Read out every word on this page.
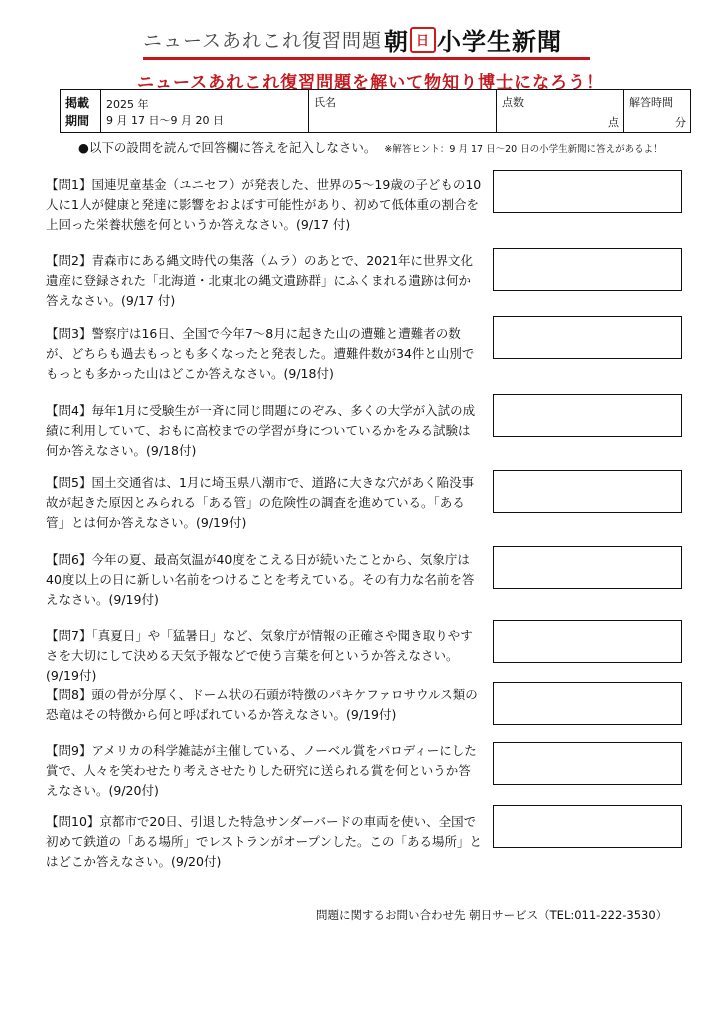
ニュースあれこれ復習問題 朝 日 小学生新聞
ニュースあれこれ復習問題を解いて物知り博士になろう！
掲載
期間
2025 年
9 月 17 日～9 月 20 日
氏名	点数
点
解答時間
分
●以下の設問を読んで回答欄に答えを記入しなさい。 ※解答ヒント：9 月 17 日～20 日の小学生新聞に答えがあるよ！
【問1】国連児童基金（ユニセフ）が発表した、世界の5～19歳の子どもの10人に1人が健康と発達に影響をおよぼす可能性があり、初めて低体重の割合を上回った栄養状態を何というか答えなさい。(9/17 付)
【問2】青森市にある縄文時代の集落（ムラ）のあとで、2021年に世界文化遺産に登録された「北海道・北東北の縄文遺跡群」にふくまれる遺跡は何か答えなさい。(9/17 付)
【問3】警察庁は16日、全国で今年7～8月に起きた山の遭難と遭難者の数が、どちらも過去もっとも多くなったと発表した。遭難件数が34件と山別でもっとも多かった山はどこか答えなさい。(9/18付)
【問4】毎年1月に受験生が一斉に同じ問題にのぞみ、多くの大学が入試の成績に利用していて、おもに高校までの学習が身についているかをみる試験は何か答えなさい。(9/18付)
【問5】国土交通省は、1月に埼玉県八潮市で、道路に大きな穴があく陥没事故が起きた原因とみられる「ある管」の危険性の調査を進めている。「ある管」とは何か答えなさい。(9/19付)
【問6】今年の夏、最高気温が40度をこえる日が続いたことから、気象庁は40度以上の日に新しい名前をつけることを考えている。その有力な名前を答えなさい。(9/19付)
【問7】「真夏日」や「猛暑日」など、気象庁が情報の正確さや聞き取りやすさを大切にして決める天気予報などで使う言葉を何というか答えなさい。(9/19付)
【問8】頭の骨が分厚く、ドーム状の石頭が特徴のパキケファロサウルス類の恐竜はその特徴から何と呼ばれているか答えなさい。(9/19付)
【問9】アメリカの科学雑誌が主催している、ノーベル賞をパロディーにした賞で、人々を笑わせたり考えさせたりした研究に送られる賞を何というか答えなさい。(9/20付)
【問10】京都市で20日、引退した特急サンダーバードの車両を使い、全国で初めて鉄道の「ある場所」でレストランがオープンした。この「ある場所」とはどこか答えなさい。(9/20付)
問題に関するお問い合わせ先 朝日サービス（TEL:011-222-3530）
